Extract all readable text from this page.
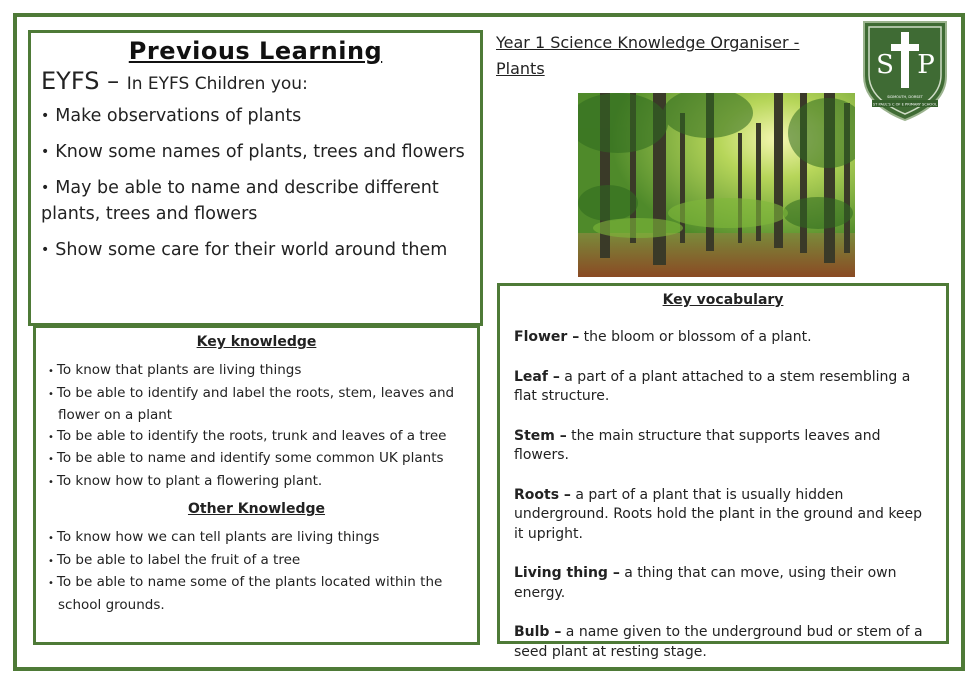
Previous Learning
EYFS – In EYFS Children you:
• Make observations of plants
• Know some names of plants, trees and flowers
• May be able to name and describe different plants, trees and flowers
• Show some care for their world around them
Key knowledge
• To know that plants are living things
• To be able to identify and label the roots, stem, leaves and flower on a plant
• To be able to identify the roots, trunk and leaves of a tree
• To be able to name and identify some common UK plants
• To know how to plant a flowering plant.
Other Knowledge
• To know how we can tell plants are living things
• To be able to label the fruit of a tree
• To be able to name some of the plants located within the school grounds.
Year 1 Science Knowledge Organiser -
Plants	S P
SIDMOUTH, DORSET
ST PAUL'S C OF E PRIMARY SCHOOL
Key vocabulary
Flower – the bloom or blossom of a plant.
Leaf – a part of a plant attached to a stem resembling a flat structure.
Stem – the main structure that supports leaves and flowers.
Roots – a part of a plant that is usually hidden underground. Roots hold the plant in the ground and keep it upright.
Living thing – a thing that can move, using their own energy.
Bulb – a name given to the underground bud or stem of a seed plant at resting stage.
